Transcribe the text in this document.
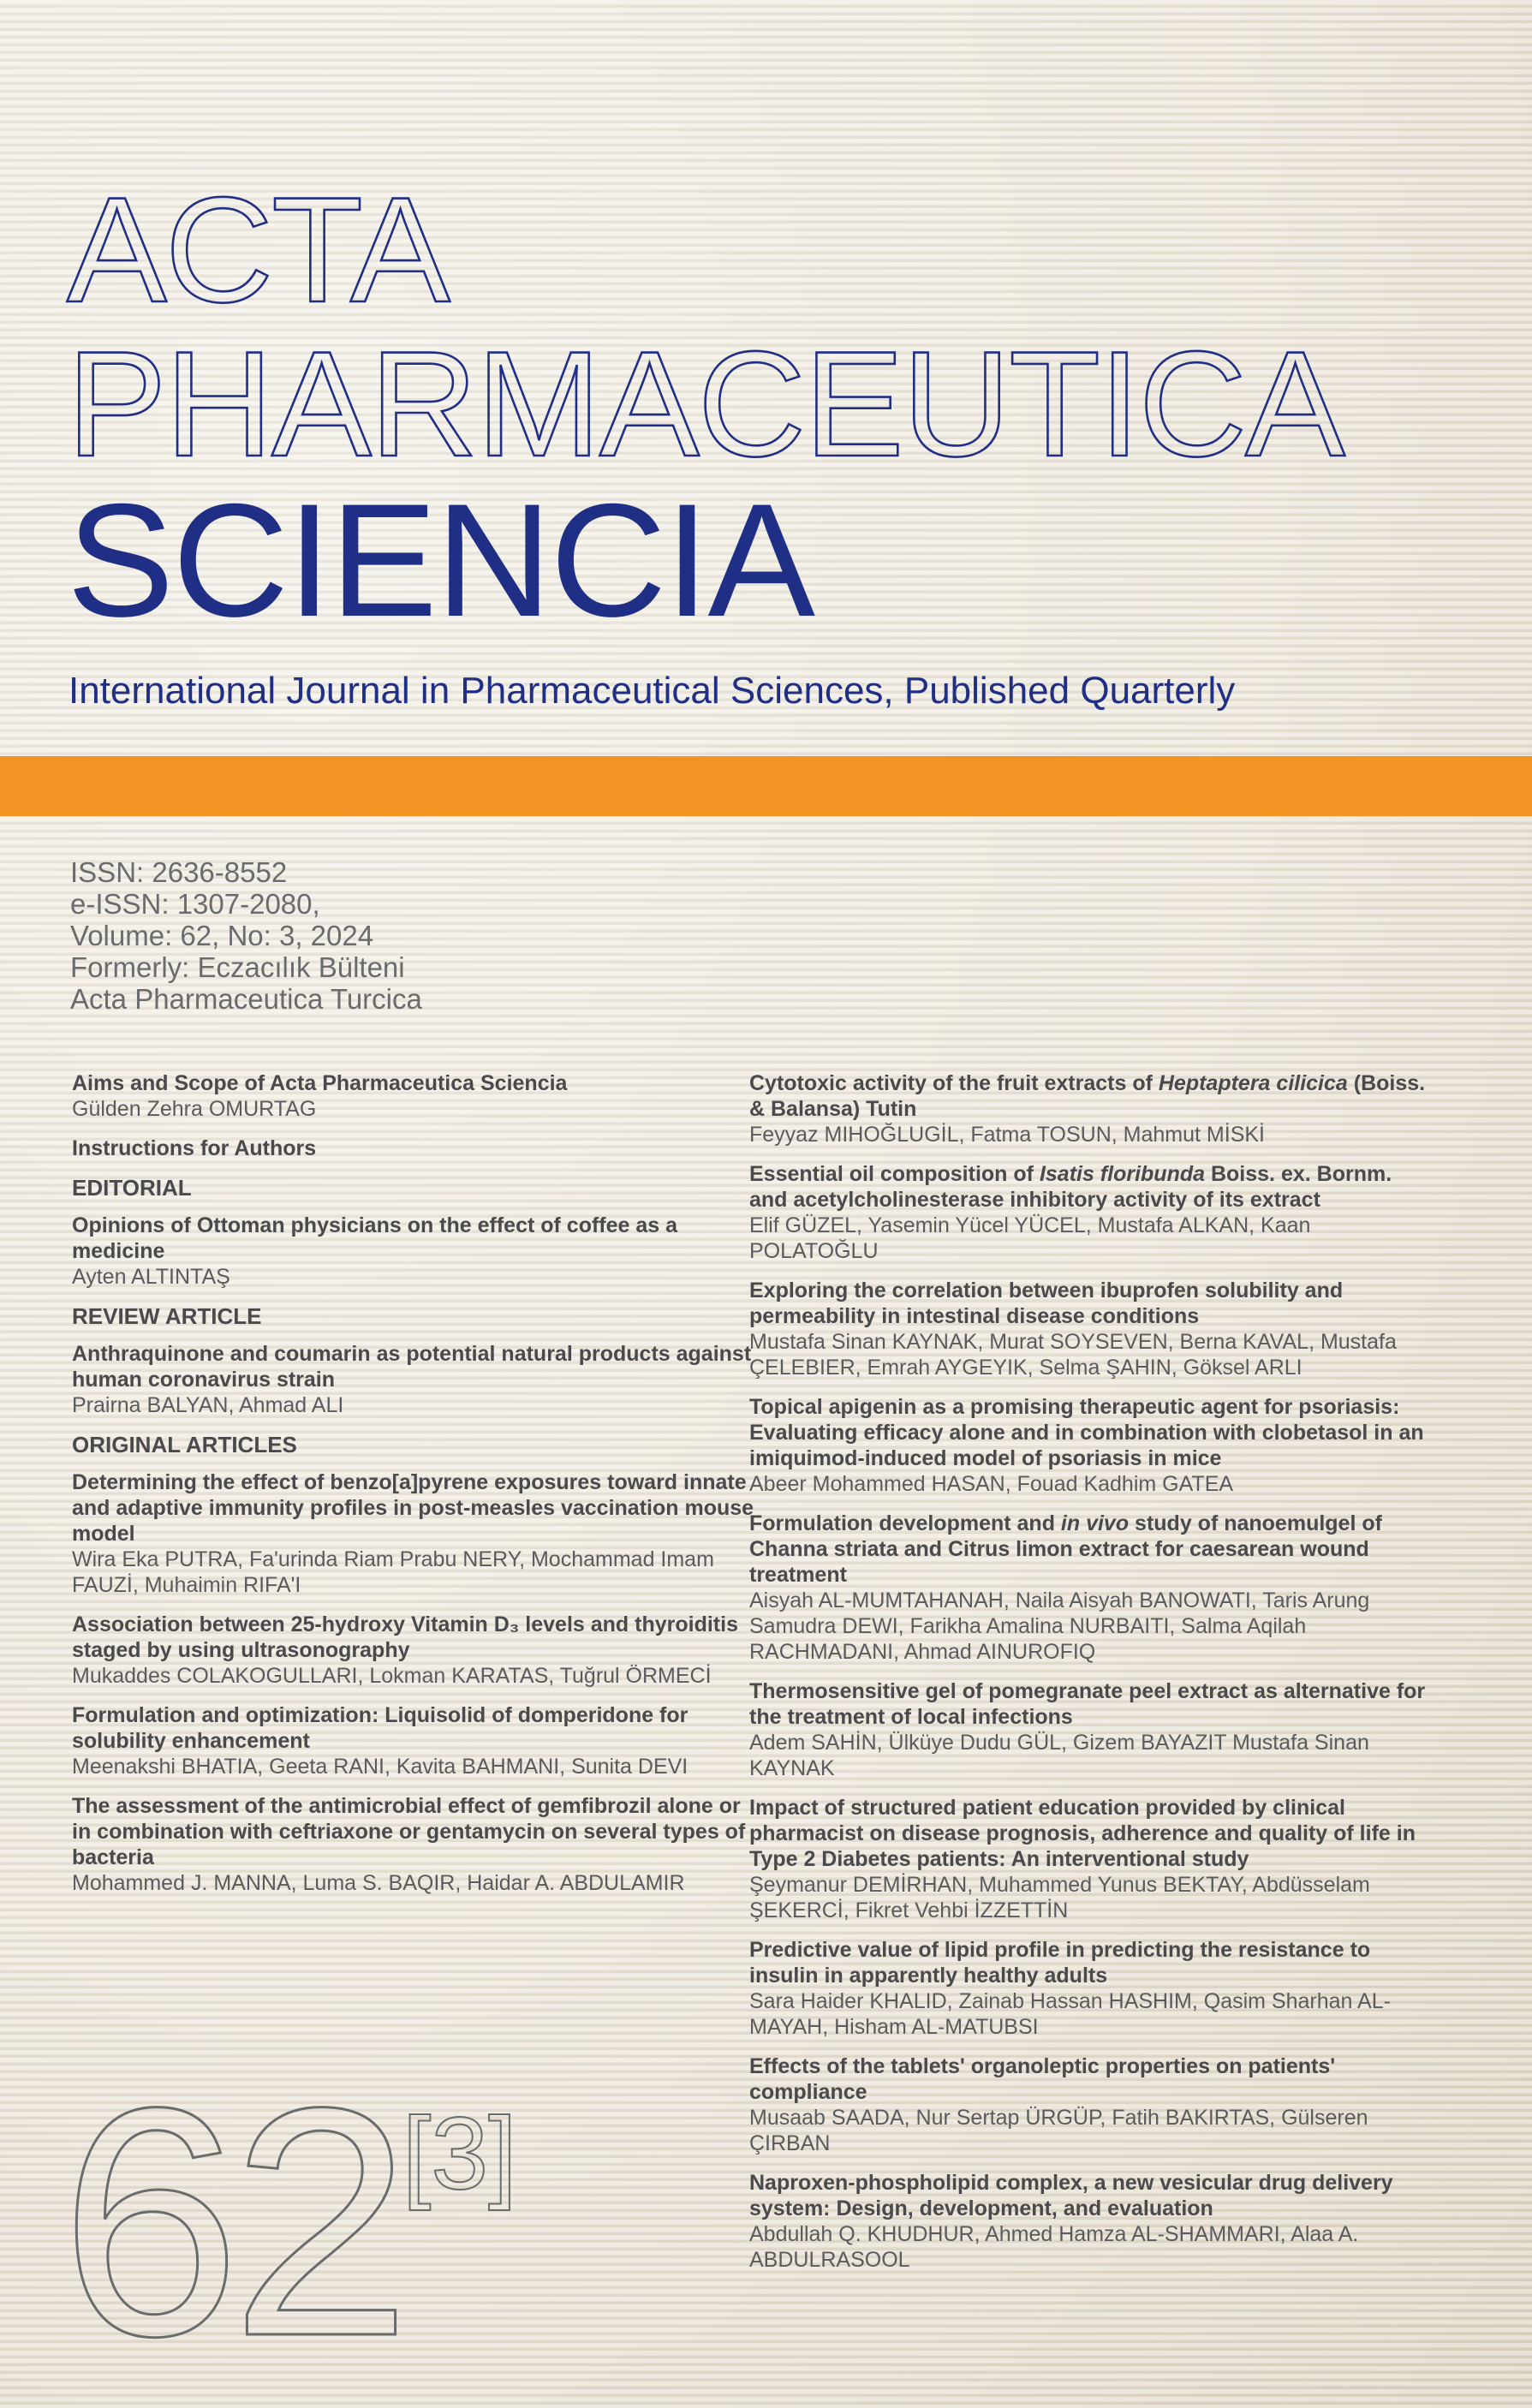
ACTA
PHARMACEUTICA
SCIENCIA

International Journal in Pharmaceutical Sciences, Published Quarterly

ISSN: 2636-8552
e-ISSN: 1307-2080,
Volume: 62, No: 3, 2024
Formerly: Eczacılık Bülteni
Acta Pharmaceutica Turcica

Aims and Scope of Acta Pharmaceutica Sciencia

Gülden Zehra OMURTAG

Instructions for Authors

EDITORIAL

Opinions of Ottoman physicians on the effect of coffee as a medicine

Ayten ALTINTAŞ

REVIEW ARTICLE

Anthraquinone and coumarin as potential natural products against human coronavirus strain

Prairna BALYAN, Ahmad ALI

ORIGINAL ARTICLES

Determining the effect of benzo[a]pyrene exposures toward innate and adaptive immunity profiles in post-measles vaccination mouse model

Wira Eka PUTRA, Fa'urinda Riam Prabu NERY, Mochammad Imam FAUZİ, Muhaimin RIFA'I

Association between 25-hydroxy Vitamin D₃ levels and thyroiditis staged by using ultrasonography

Mukaddes COLAKOGULLARI, Lokman KARATAS, Tuğrul ÖRMECİ

Formulation and optimization: Liquisolid of domperidone for solubility enhancement

Meenakshi BHATIA, Geeta RANI, Kavita BAHMANI, Sunita DEVI

The assessment of the antimicrobial effect of gemfibrozil alone or in combination with ceftriaxone or gentamycin on several types of bacteria

Mohammed J. MANNA, Luma S. BAQIR, Haidar A. ABDULAMIR

Cytotoxic activity of the fruit extracts of Heptaptera cilicica (Boiss. & Balansa) Tutin

Feyyaz MIHOĞLUGİL, Fatma TOSUN, Mahmut MİSKİ

Essential oil composition of Isatis floribunda Boiss. ex. Bornm. and acetylcholinesterase inhibitory activity of its extract

Elif GÜZEL, Yasemin Yücel YÜCEL, Mustafa ALKAN, Kaan POLATOĞLU

Exploring the correlation between ibuprofen solubility and permeability in intestinal disease conditions

Mustafa Sinan KAYNAK, Murat SOYSEVEN, Berna KAVAL, Mustafa ÇELEBIER, Emrah AYGEYIK, Selma ŞAHIN, Göksel ARLI

Topical apigenin as a promising therapeutic agent for psoriasis: Evaluating efficacy alone and in combination with clobetasol in an imiquimod-induced model of psoriasis in mice

Abeer Mohammed HASAN, Fouad Kadhim GATEA

Formulation development and in vivo study of nanoemulgel of Channa striata and Citrus limon extract for caesarean wound treatment

Aisyah AL-MUMTAHANAH, Naila Aisyah BANOWATI, Taris Arung Samudra DEWI, Farikha Amalina NURBAITI, Salma Aqilah RACHMADANI, Ahmad AINUROFIQ

Thermosensitive gel of pomegranate peel extract as alternative for the treatment of local infections

Adem SAHİN, Ülküye Dudu GÜL, Gizem BAYAZIT Mustafa Sinan KAYNAK

Impact of structured patient education provided by clinical pharmacist on disease prognosis, adherence and quality of life in Type 2 Diabetes patients: An interventional study

Şeymanur DEMİRHAN, Muhammed Yunus BEKTAY, Abdüsselam ŞEKERCİ, Fikret Vehbi İZZETTİN

Predictive value of lipid profile in predicting the resistance to insulin in apparently healthy adults

Sara Haider KHALID, Zainab Hassan HASHIM, Qasim Sharhan AL-MAYAH, Hisham AL-MATUBSI

Effects of the tablets' organoleptic properties on patients' compliance

Musaab SAADA, Nur Sertap ÜRGÜP, Fatih BAKIRTAS, Gülseren ÇIRBAN

Naproxen-phospholipid complex, a new vesicular drug delivery system: Design, development, and evaluation

Abdullah Q. KHUDHUR, Ahmed Hamza AL-SHAMMARI, Alaa A. ABDULRASOOL

62 [3]
